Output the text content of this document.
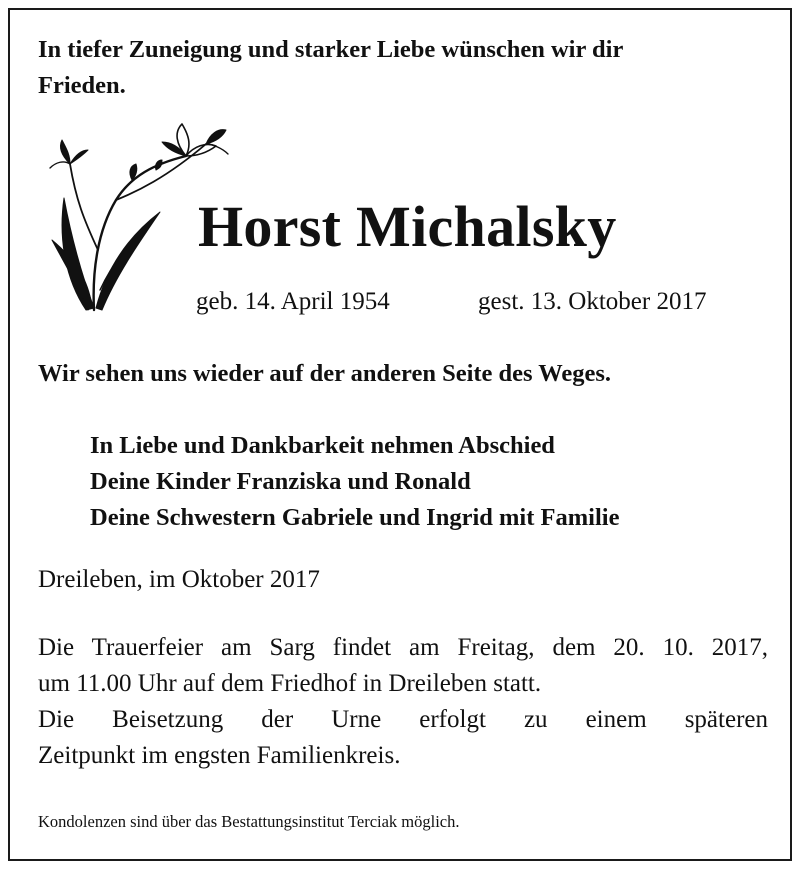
In tiefer Zuneigung und starker Liebe wünschen wir dir
Frieden.
Horst Michalsky
geb. 14. April 1954	gest. 13. Oktober 2017
Wir sehen uns wieder auf der anderen Seite des Weges.
In Liebe und Dankbarkeit nehmen Abschied
Deine Kinder Franziska und Ronald
Deine Schwestern Gabriele und Ingrid mit Familie
Dreileben, im Oktober 2017
Die Trauerfeier am Sarg findet am Freitag, dem 20. 10. 2017,
um 11.00 Uhr auf dem Friedhof in Dreileben statt.
Die Beisetzung der Urne erfolgt zu einem späteren
Zeitpunkt im engsten Familienkreis.
Kondolenzen sind über das Bestattungsinstitut Terciak möglich.
